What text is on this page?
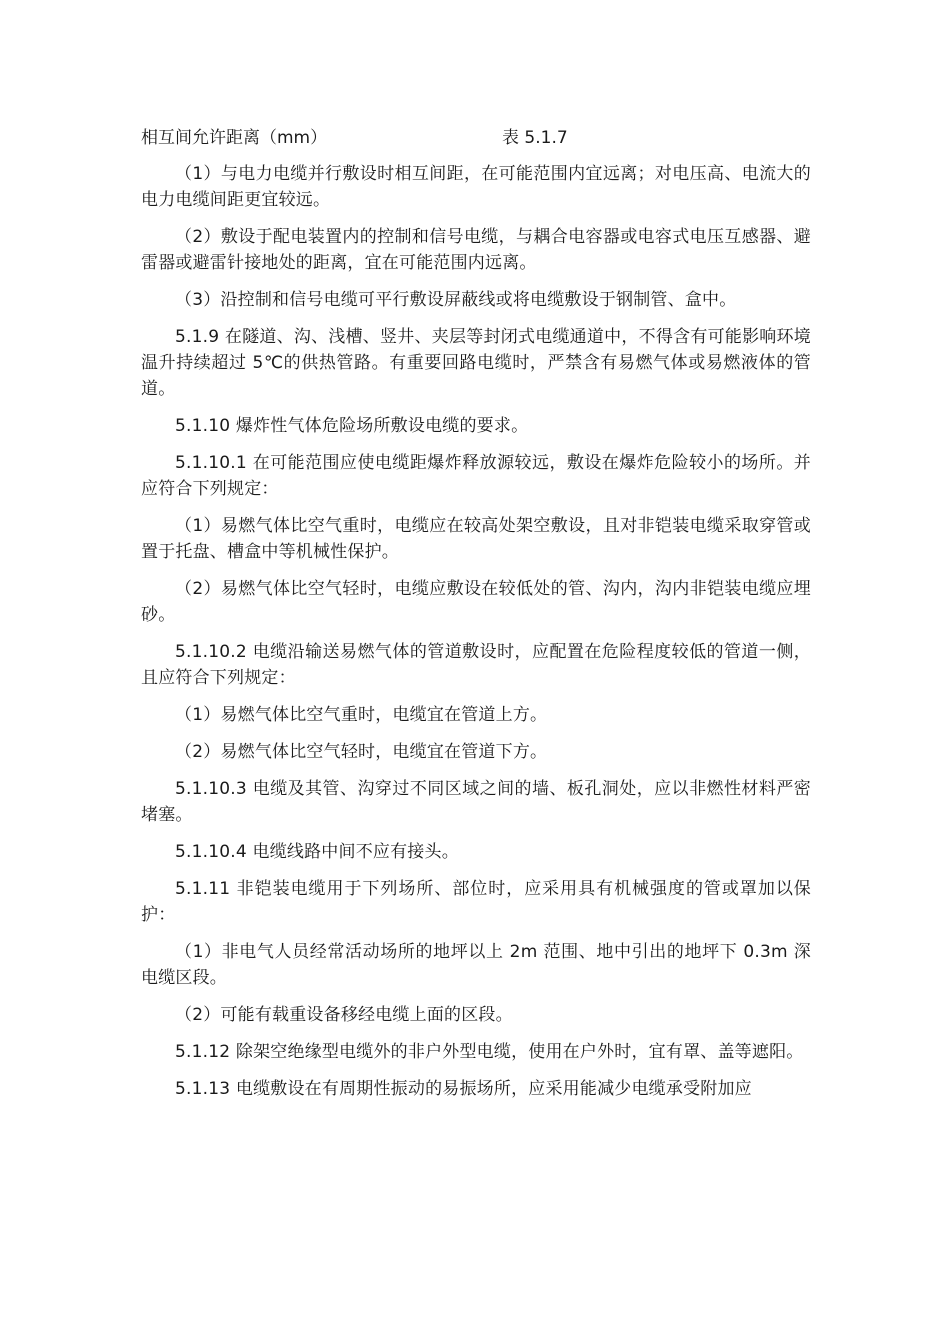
相互间允许距离（mm）	表 5.1.7

（1）与电力电缆并行敷设时相互间距，在可能范围内宜远离；对电压高、电流大的电力电缆间距更宜较远。

（2）敷设于配电装置内的控制和信号电缆，与耦合电容器或电容式电压互感器、避雷器或避雷针接地处的距离，宜在可能范围内远离。

（3）沿控制和信号电缆可平行敷设屏蔽线或将电缆敷设于钢制管、盒中。

5.1.9 在隧道、沟、浅槽、竖井、夹层等封闭式电缆通道中，不得含有可能影响环境温升持续超过 5℃的供热管路。有重要回路电缆时，严禁含有易燃气体或易燃液体的管道。

5.1.10 爆炸性气体危险场所敷设电缆的要求。

5.1.10.1 在可能范围应使电缆距爆炸释放源较远，敷设在爆炸危险较小的场所。并应符合下列规定：

（1）易燃气体比空气重时，电缆应在较高处架空敷设，且对非铠装电缆采取穿管或置于托盘、槽盒中等机械性保护。

（2）易燃气体比空气轻时，电缆应敷设在较低处的管、沟内，沟内非铠装电缆应埋砂。

5.1.10.2 电缆沿输送易燃气体的管道敷设时，应配置在危险程度较低的管道一侧，且应符合下列规定：

（1）易燃气体比空气重时，电缆宜在管道上方。

（2）易燃气体比空气轻时，电缆宜在管道下方。

5.1.10.3 电缆及其管、沟穿过不同区域之间的墙、板孔洞处，应以非燃性材料严密堵塞。

5.1.10.4 电缆线路中间不应有接头。

5.1.11 非铠装电缆用于下列场所、部位时，应采用具有机械强度的管或罩加以保护：

（1）非电气人员经常活动场所的地坪以上 2m 范围、地中引出的地坪下 0.3m 深电缆区段。

（2）可能有载重设备移经电缆上面的区段。

5.1.12 除架空绝缘型电缆外的非户外型电缆，使用在户外时，宜有罩、盖等遮阳。

5.1.13 电缆敷设在有周期性振动的易振场所，应采用能减少电缆承受附加应
